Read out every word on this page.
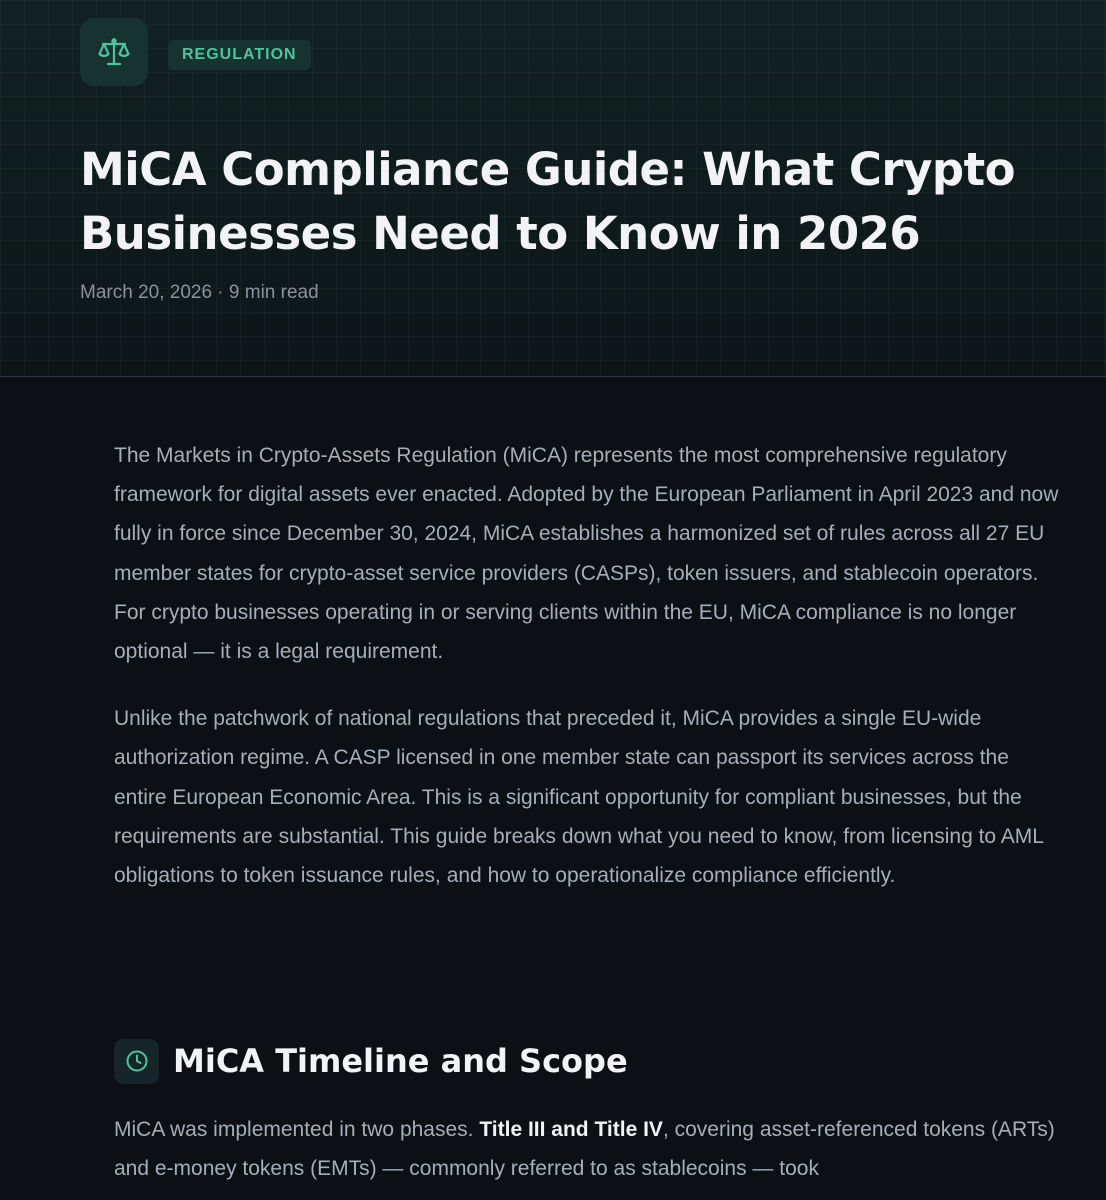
REGULATION
MiCA Compliance Guide: What Crypto Businesses Need to Know in 2026
March 20, 2026 · 9 min read

The Markets in Crypto-Assets Regulation (MiCA) represents the most comprehensive regulatory framework for digital assets ever enacted. Adopted by the European Parliament in April 2023 and now fully in force since December 30, 2024, MiCA establishes a harmonized set of rules across all 27 EU member states for crypto-asset service providers (CASPs), token issuers, and stablecoin operators. For crypto businesses operating in or serving clients within the EU, MiCA compliance is no longer optional — it is a legal requirement.

Unlike the patchwork of national regulations that preceded it, MiCA provides a single EU-wide authorization regime. A CASP licensed in one member state can passport its services across the entire European Economic Area. This is a significant opportunity for compliant businesses, but the requirements are substantial. This guide breaks down what you need to know, from licensing to AML obligations to token issuance rules, and how to operationalize compliance efficiently.

MiCA Timeline and Scope

MiCA was implemented in two phases. Title III and Title IV, covering asset-referenced tokens (ARTs) and e-money tokens (EMTs) — commonly referred to as stablecoins — took
